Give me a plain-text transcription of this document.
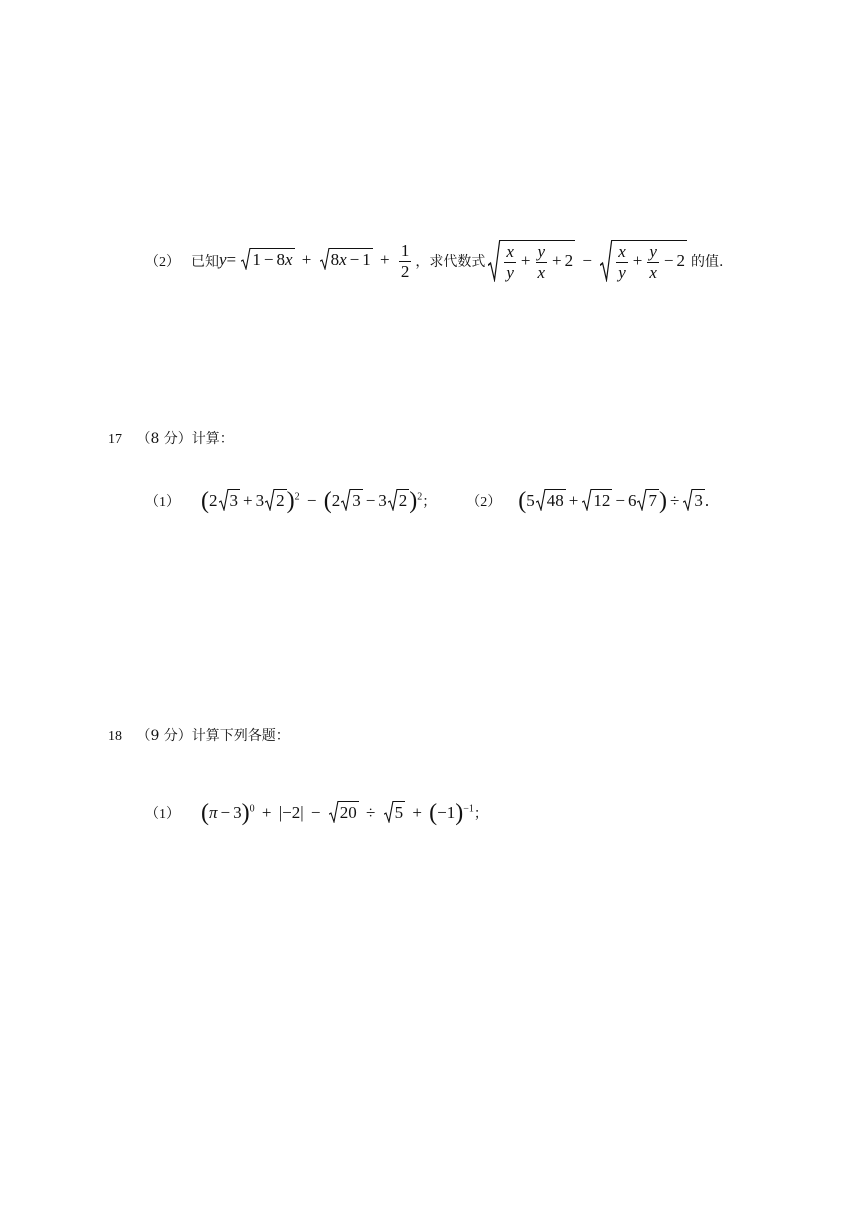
（2） 已知 $y= 1 - 8x + 8x - 1 + \frac{1}{2}$ ，求代数式 $\frac{x}{y} + \frac{y}{x} + 2 - \frac{x}{y} + \frac{y}{x} - 2$ 的值.
17 （8 分）计算：
（1） (2 3 + 3 2)$^2$ − (2 3 − 3 2)$^2$ ； （2） (5 48 + 12 − 6 7) ÷ 3 .
18 （9 分）计算下列各题：
（1） $(\pi - 3)^0 + |-2| - 20 \div 5 + (-1)^{-1}$ ；
